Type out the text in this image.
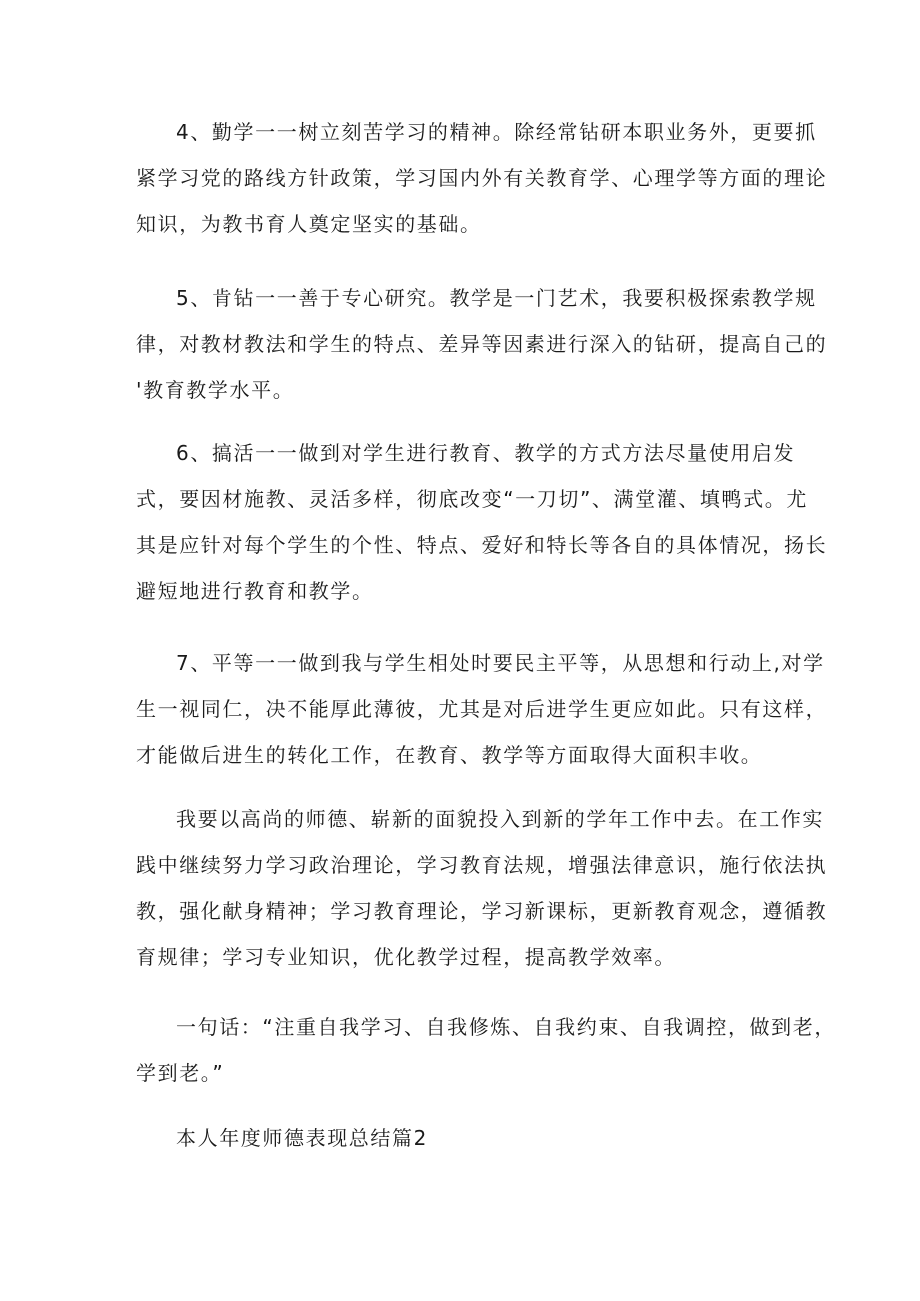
4、勤学一一树立刻苦学习的精神。除经常钻研本职业务外，更要抓
紧学习党的路线方针政策，学习国内外有关教育学、心理学等方面的理论
知识，为教书育人奠定坚实的基础。
5、肯钻一一善于专心研究。教学是一门艺术，我要积极探索教学规
律，对教材教法和学生的特点、差异等因素进行深入的钻研，提高自己的
'教育教学水平。
6、搞活一一做到对学生进行教育、教学的方式方法尽量使用启发
式，要因材施教、灵活多样，彻底改变“一刀切”、满堂灌、填鸭式。尤
其是应针对每个学生的个性、特点、爱好和特长等各自的具体情况，扬长
避短地进行教育和教学。
7、平等一一做到我与学生相处时要民主平等，从思想和行动上,对学
生一视同仁，决不能厚此薄彼，尤其是对后进学生更应如此。只有这样，
才能做后进生的转化工作，在教育、教学等方面取得大面积丰收。
我要以高尚的师德、崭新的面貌投入到新的学年工作中去。在工作实
践中继续努力学习政治理论，学习教育法规，增强法律意识，施行依法执
教，强化献身精神；学习教育理论，学习新课标，更新教育观念，遵循教
育规律；学习专业知识，优化教学过程，提高教学效率。
一句话：“注重自我学习、自我修炼、自我约束、自我调控，做到老，
学到老。”
本人年度师德表现总结篇2
